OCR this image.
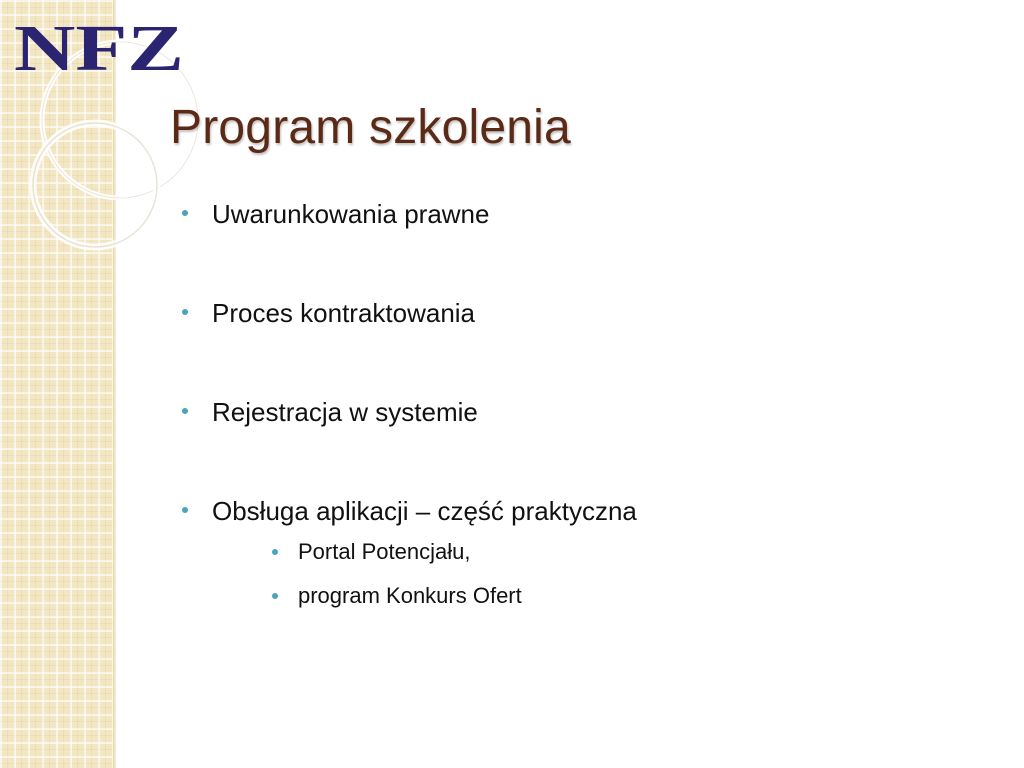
NFZ
Program szkolenia
Uwarunkowania prawne
Proces kontraktowania
Rejestracja w systemie
Obsługa aplikacji – część praktyczna
Portal Potencjału,
program Konkurs Ofert
